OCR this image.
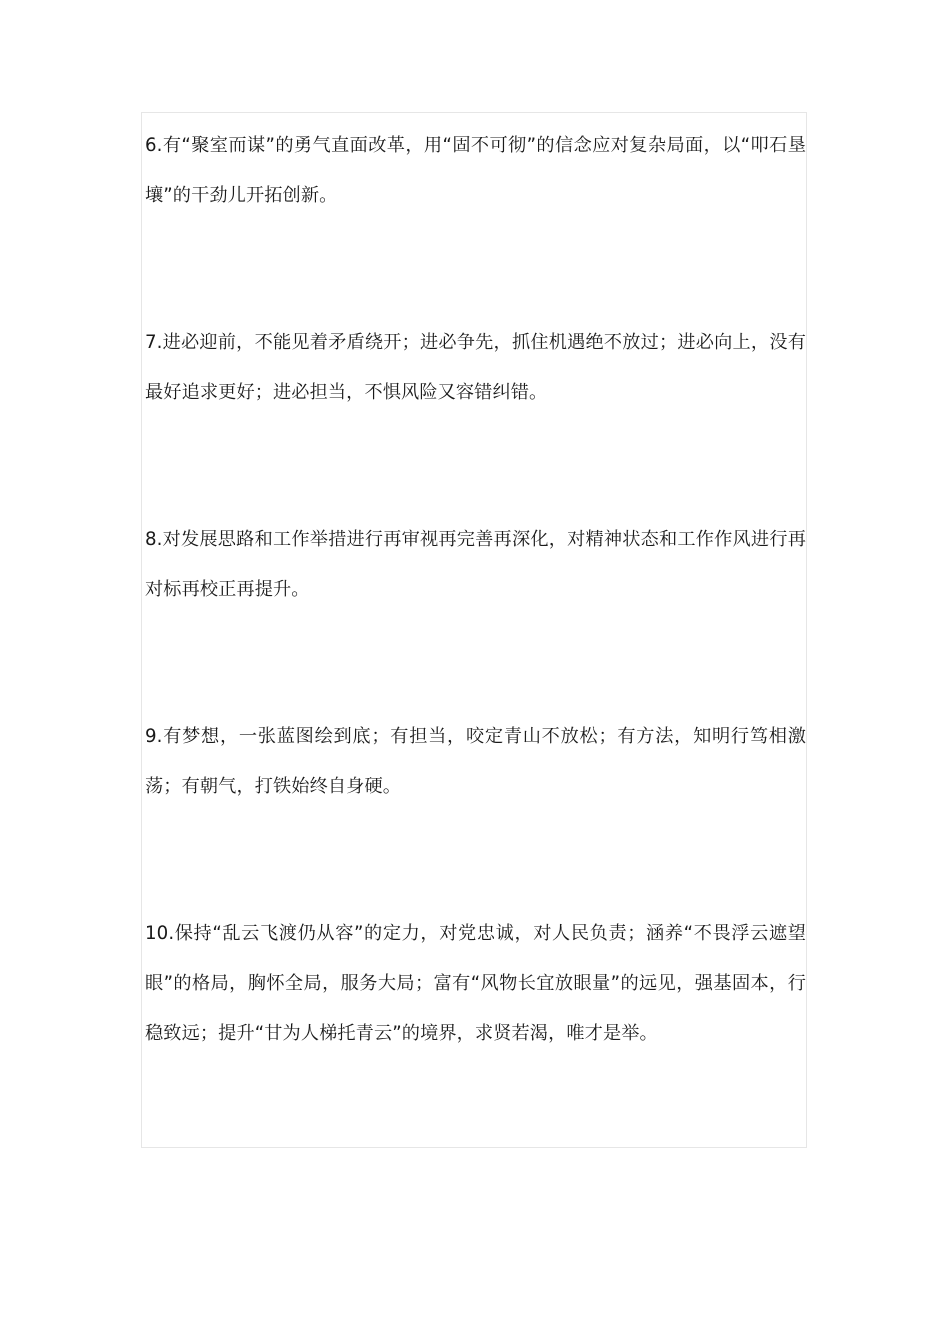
6.有“聚室而谋”的勇气直面改革，用“固不可彻”的信念应对复杂局面，以“叩石垦壤”的干劲儿开拓创新。

7.进必迎前，不能见着矛盾绕开；进必争先，抓住机遇绝不放过；进必向上，没有最好追求更好；进必担当，不惧风险又容错纠错。

8.对发展思路和工作举措进行再审视再完善再深化，对精神状态和工作作风进行再对标再校正再提升。

9.有梦想，一张蓝图绘到底；有担当，咬定青山不放松；有方法，知明行笃相激荡；有朝气，打铁始终自身硬。

10.保持“乱云飞渡仍从容”的定力，对党忠诚，对人民负责；涵养“不畏浮云遮望眼”的格局，胸怀全局，服务大局；富有“风物长宜放眼量”的远见，强基固本，行稳致远；提升“甘为人梯托青云”的境界，求贤若渴，唯才是举。
